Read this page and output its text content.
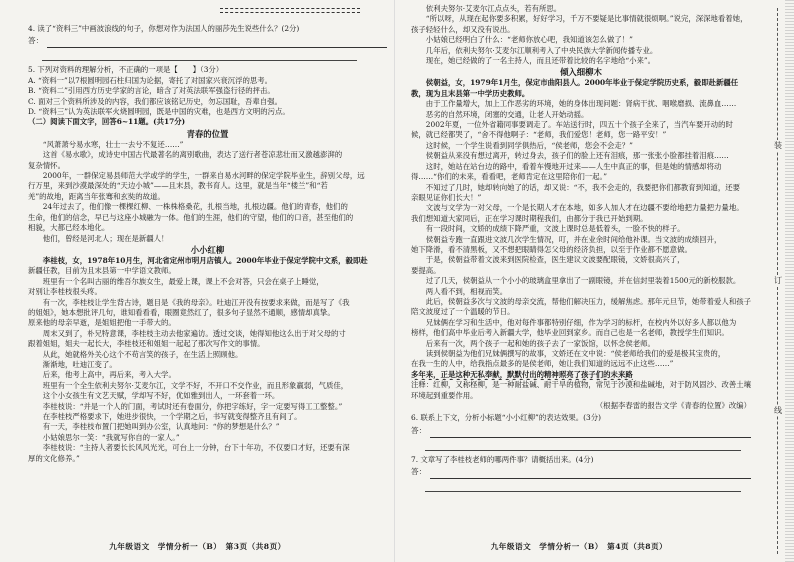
4. 读了“资料三”中画波浪线的句子，你想对作为法国人的丽莎先生说些什么？(2分)
答：
5. 下列对资料的理解分析，不正确的一项是【　　】（3分）
A. “资料一”以7根圆明园石柱归国为论据，寄托了对国家兴衰沉浮的思考。
B. “资料二”引用西方历史学家的言论，暗含了对英法联军强盗行径的抨击。
C. 面对三个资料所涉及的内容，我们都应该铭记历史，勿忘国耻，吾辈自强。
D. “资料三”认为英法联军火烧圆明园，既是中国的灾难，也是西方文明的污点。
（二）阅读下面文字，回答6~11题。(共17分)
青春的位置
“风萧萧兮易水寒，壮士一去兮不复还……”
这首《易水歌》，成诗史中国古代最著名的离别歌曲，表达了送行者苍凉悲壮而又激越澎湃的
复杂情怀。
2000年，一群保定易县师范大学或学的学生，一群来自易水河畔的保定学院毕业生，辞别父母，远
行万里，来到沙漠最深处的“天边小城”——且末县，教书育人。这里，就是当年“楼兰”和“若
羌”的故地，距离当年张骞和玄奘的故道。
24年过去了，他们像一棵棵红柳、一株株格桑花，扎根当地，扎根边疆。他们的青春，他们的
生命，他们的信念，早已与这座小城融为一体。他们的生涯，他们的守望，他们的口音，甚至他们的
相貌，大都已经本地化。
他们，曾经是河北人；现在是新疆人！
小小红柳
李桂枝，女，1978年10月生，河北省定州市明月店镇人。2000年毕业于保定学院中文系，毅即赴
新疆任教，目前为且末县第一中学语文教师。
班里有一个名叫古丽的维吾尔族女生，最爱上课，课上不会对答，只会在桌子上睡觉，
对别让李桂枝很头疼。
有一次，李桂枝让学生背古诗，题目是《我的母亲》。吐迪江开没有按要求来做，而是写了《我
的姐姐》，她本想批评几句，谁知看看看，眼圈竟然红了，很多句子显然不通顺，感情却真挚。
原来他的母亲早逝，是姐姐把他一手带大的。
周末又到了，朴兄特意课，李桂枝主动去他家遍访。透过交谈，她得知他这么出于对父母的寸
跟着姐姐，姐夫一起长大，李桂枝还和姐姐一起起了那次写作文的事情。
从此，她就格外关心这个不苟言笑的孩子，在生活上照顾他。
渐渐地，吐迪江变了。
后来，他考上高中，再后来，考入大学。
班里有一个全生依利夫努尔·艾麦尔江，文学不好，不开口不交作业，而且形象羸弱，气质佳，
这个小女孩生有文艺天赋，学却写不好，优如雅到出人，一环套着一环。
李桂枝说：“并是一个人的门面，考试时还有卷面分，你把字练好，字一定要写得工工整整。”
在李桂枝严格要求下，她进步很快，一个学期之后，书写就变得整齐且有间了。
有一天，李桂枝布置门把她叫到办公室，认真地问：“你的梦想是什么？”
小姑娘思尔一笑：“我就写你自的一家人。”
李桂枝说：“主持人者要长长风风光光，可台上一分钟，台下十年功，不仅要口才好，还要有深
厚的文化修养。”
九年级语文　学情分析一（B）　第3页（共8页）
依利夫努尔·艾麦尔江点点头，若有所思。
“所以呀，从现在起你要多积累，好好学习，千万不要疑是比事情就很烦啊。”说完，深深地看着她，
孩子轻轻什么，却又没有说出。
小姑娘已经明白了什么：“老师你放心吧，我知道该怎么做了！”
几年后，依利夫努尔·艾麦尔江顺利考入了中央民族大学新闻传播专业。
现在，她已经做的了一名主持人，而且还带着比较的名字地给“小来”。
倾入细柳木
侯朝益，女，1979年1月生，保定市曲阳县人。2000年毕业于保定学院历史系，毅即赴新疆任
教，现为且末县第一中学历史教师。
由于工作量增大，加上工作恶劣的环境，她的身体出现问题：肾病干扰、咽喉磨损、流鼻血……
恶劣的自然环境，闭塞的交通，让老人开始动摇。
2002年夏，一位外省籍同事要调走了。车站送行时，四五十个孩子全来了，当汽车要开动的时
候，就已经都哭了，“舍不得他啊子：“老师，我们爱您！老师，您一路平安！”
这时候，一个学生说看到同学俱热后，“侯老师，您会不会走？”
侯朝益从来没有想过离开，转过身去，孩子们的脸上还有泪痕，那一张张小脸都挂着泪痕……
这时，她站在站台边的路中，看着车慢地开过来——人生中真正的事，但是她的情感却将动
得……“你们的未来，看看吧，老师肯定在这里陪你们一起。”
不知过了几时，她却转向她了的话，却又说：“不，我不会走的，我要把你们都教育到知道，还要
亲眼见证你们长大！”
文波与文学为一对父母，一个是长期人才在本地，如多人加人才在边疆不要给地把力量把力量地。
我们想知道大家同后，正在学习课时期程我们，由都分于我已开始到期。
有一段时间，文娇的成绩下降严重，文波上课时总是低着头，一脸不快的样子。
侯朝益专跑一直跟进文波几次学生情况，叮，并在业余时间给他补课。当文波的成绩回升，
她下降滑，看不清黑板，又不想把眼睛得怎父母的经济负担，以至于作业都不愿意做。
于是，侯朝益带着文波来到医院检查，医生建议文波要配眼镜，文娇很高兴了，
要提高。
过了几天，侯朝益从一个小小的玻璃盒里拿出了一副眼镜，并在信封里装着1500元的新校服款。
两人看不到，相视而笑。
此后，侯朝益多次与文波的母亲交流，帮他们解决压力，缓解焦虑。那年元旦节，她带着爱人和孩子
陪文波度过了一个温暖的节日。
兄妹俩在学习和生活中，他对每件事都特别仔细，作为学习的标杆，在校内外以好多人都以他为
榜样，他们高中毕业后考入新疆大学，他毕业回到家乡。而自己也是一名老师，教授学生们知识。
后来有一次，两个孩子一起和她的孩子去了一家饭馆，以怀念侯老师。
读到侯朝益为他们兄妹俩撰写的故事，文娇还在文中说：“侯老师给我们的爱是极其宝贵的，
在我一生的人中，给我指点最多的是侯老师，她让我们知道的远远不止这些……”
多年来，正是这种无私奉献，默默付出的精神照亮了孩子们的未来路
注释：红柳，又称柽柳，是一种耐盐碱、耐干旱的植物，常见于沙漠和盐碱地，对于防风固沙、改善土壤
环境起到重要作用。
（根据李春雷的报告文学《青春的位置》改编）
6. 联系上下文，分析小标题“小小红柳”的表达效果。(3分)
答：
7. 文章写了李桂枝老师的哪两件事？请概括出来。(4分)
答：
九年级语文　学情分析一（B）　第4页（共8页）
装
订
线
